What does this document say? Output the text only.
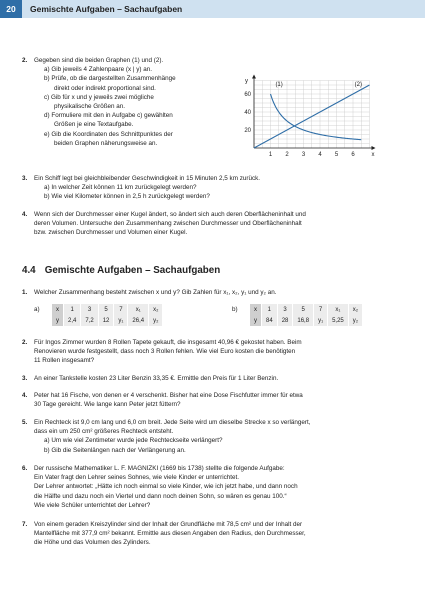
20	Gemischte Aufgaben – Sachaufgaben
2. Gegeben sind die beiden Graphen (1) und (2).
a) Gib jeweils 4 Zahlenpaare (x | y) an.
b) Prüfe, ob die dargestellten Zusammenhänge
direkt oder indirekt proportional sind.
c) Gib für x und y jeweils zwei mögliche
physikalische Größen an.
d) Formuliere mit den in Aufgabe c) gewählten
Größen je eine Textaufgabe.
e) Gib die Koordinaten des Schnittpunktes der
beiden Graphen näherungsweise an.
1 2 3 4 5 6
20
40
60
x
y
(1)	(2)
3. Ein Schiff legt bei gleichbleibender Geschwindigkeit in 15 Minuten 2,5 km zurück.
a) In welcher Zeit können 11 km zurückgelegt werden?
b) Wie viel Kilometer können in 2,5 h zurückgelegt werden?
4. Wenn sich der Durchmesser einer Kugel ändert, so ändert sich auch deren Oberflächeninhalt und
deren Volumen. Untersuche den Zusammenhang zwischen Durchmesser und Oberflächeninhalt
bzw. zwischen Durchmesser und Volumen einer Kugel.
4.4 Gemischte Aufgaben – Sachaufgaben
1. Welcher Zusammenhang besteht zwischen x und y? Gib Zahlen für x₁, x₂, y₁ und y₂ an.
a)	x	1	3	5	7	x₁	x₂
y	2,4	7,2	12	y₁	26,4	y₂
b)	x	1	3	5	7	x₁	x₂
y	84	28	16,8	y₁	5,25	y₂
2. Für Ingos Zimmer wurden 8 Rollen Tapete gekauft, die insgesamt 40,96 € gekostet haben. Beim
Renovieren wurde festgestellt, dass noch 3 Rollen fehlen. Wie viel Euro kosten die benötigten
11 Rollen insgesamt?
3. An einer Tankstelle kosten 23 Liter Benzin 33,35 €. Ermittle den Preis für 1 Liter Benzin.
4. Peter hat 16 Fische, von denen er 4 verschenkt. Bisher hat eine Dose Fischfutter immer für etwa
30 Tage gereicht. Wie lange kann Peter jetzt füttern?
5. Ein Rechteck ist 9,0 cm lang und 6,0 cm breit. Jede Seite wird um dieselbe Strecke x so verlängert,
dass ein um 250 cm² größeres Rechteck entsteht.
a) Um wie viel Zentimeter wurde jede Rechteckseite verlängert?
b) Gib die Seitenlängen nach der Verlängerung an.
6. Der russische Mathematiker L. F. MAGNIZKI (1669 bis 1738) stellte die folgende Aufgabe:
Ein Vater fragt den Lehrer seines Sohnes, wie viele Kinder er unterrichtet.
Der Lehrer antwortet: „Hätte ich noch einmal so viele Kinder, wie ich jetzt habe, und dann noch
die Hälfte und dazu noch ein Viertel und dann noch deinen Sohn, so wären es genau 100.“
Wie viele Schüler unterrichtet der Lehrer?
7. Von einem geraden Kreiszylinder sind der Inhalt der Grundfläche mit 78,5 cm² und der Inhalt der
Mantelfläche mit 377,9 cm² bekannt. Ermittle aus diesen Angaben den Radius, den Durchmesser,
die Höhe und das Volumen des Zylinders.
